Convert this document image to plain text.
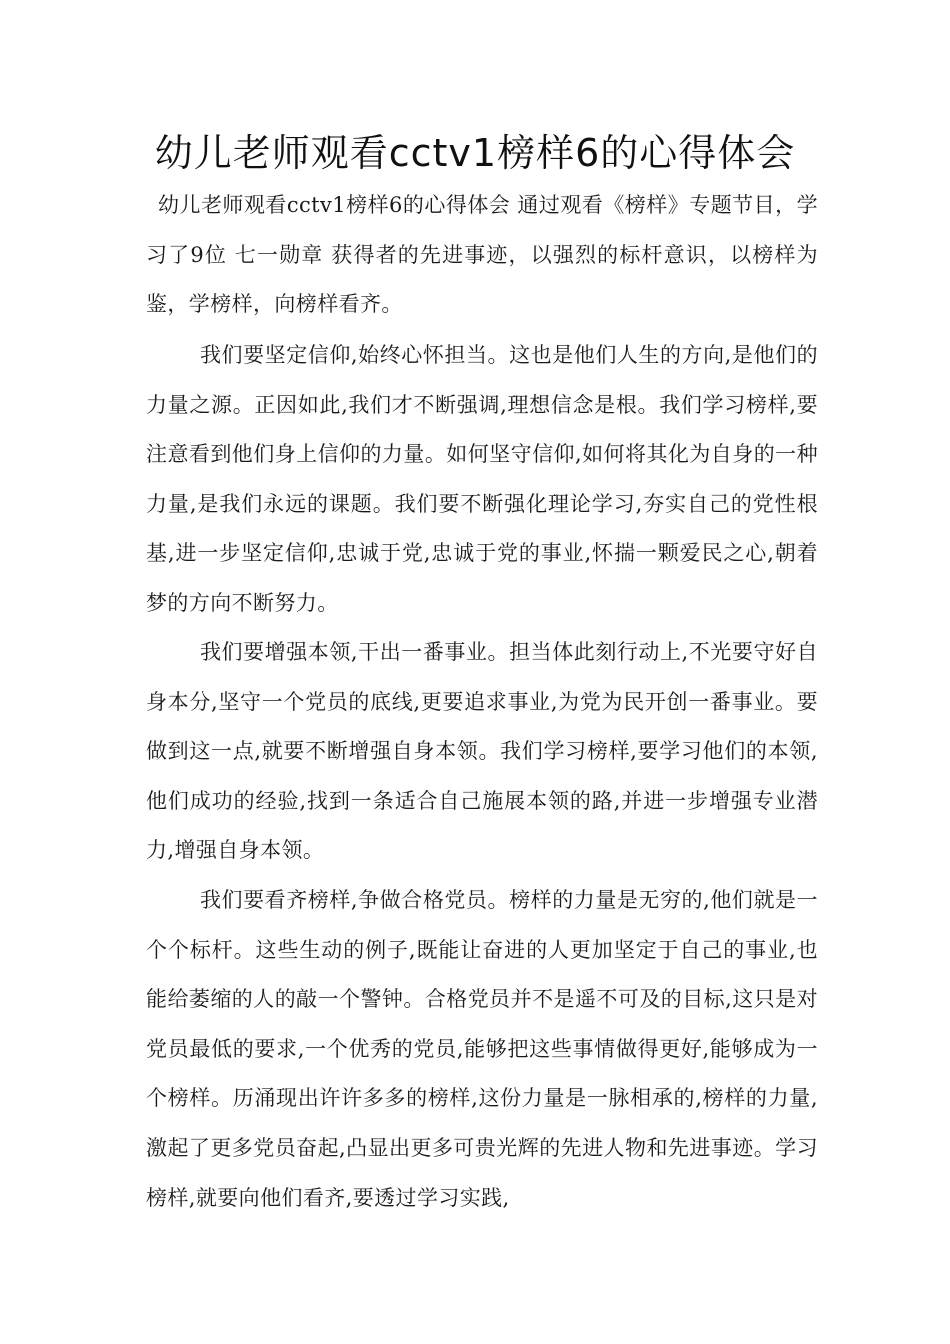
幼儿老师观看cctv1榜样6的心得体会

幼儿老师观看cctv1榜样6的心得体会 通过观看《榜样》专题节目，学习了9位 七一勋章 获得者的先进事迹，以强烈的标杆意识，以榜样为鉴，学榜样，向榜样看齐。

我们要坚定信仰,始终心怀担当。这也是他们人生的方向,是他们的力量之源。正因如此,我们才不断强调,理想信念是根。我们学习榜样,要注意看到他们身上信仰的力量。如何坚守信仰,如何将其化为自身的一种力量,是我们永远的课题。我们要不断强化理论学习,夯实自己的党性根基,进一步坚定信仰,忠诚于党,忠诚于党的事业,怀揣一颗爱民之心,朝着梦的方向不断努力。

我们要增强本领,干出一番事业。担当体此刻行动上,不光要守好自身本分,坚守一个党员的底线,更要追求事业,为党为民开创一番事业。要做到这一点,就要不断增强自身本领。我们学习榜样,要学习他们的本领,他们成功的经验,找到一条适合自己施展本领的路,并进一步增强专业潜力,增强自身本领。

我们要看齐榜样,争做合格党员。榜样的力量是无穷的,他们就是一个个标杆。这些生动的例子,既能让奋进的人更加坚定于自己的事业,也能给萎缩的人的敲一个警钟。合格党员并不是遥不可及的目标,这只是对党员最低的要求,一个优秀的党员,能够把这些事情做得更好,能够成为一个榜样。历涌现出许许多多的榜样,这份力量是一脉相承的,榜样的力量,激起了更多党员奋起,凸显出更多可贵光辉的先进人物和先进事迹。学习榜样,就要向他们看齐,要透过学习实践,
